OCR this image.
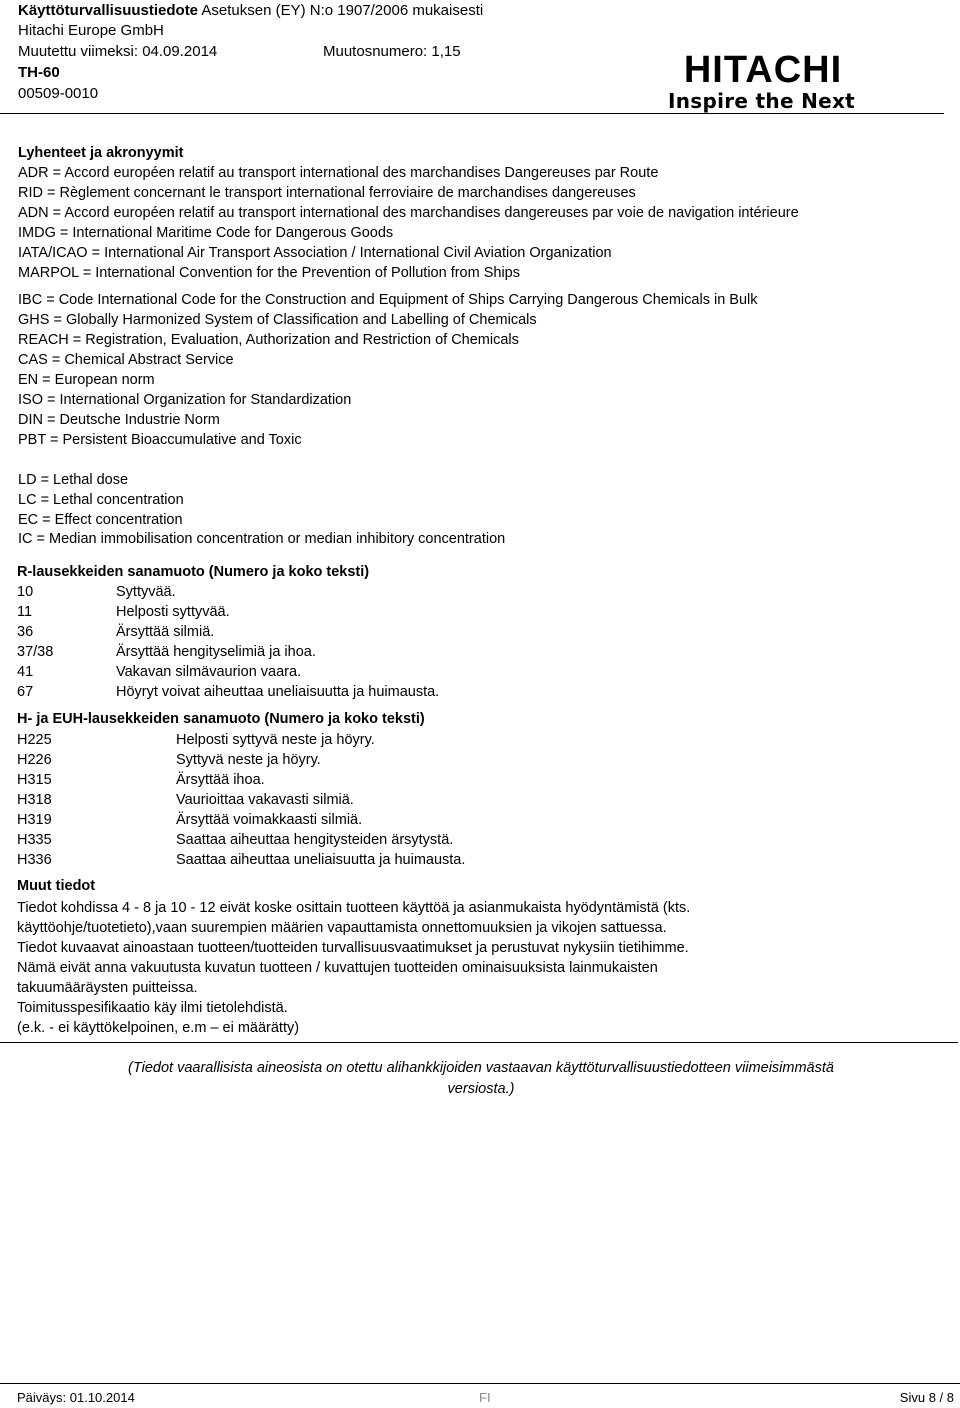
Käyttöturvallisuustiedote Asetuksen (EY) N:o 1907/2006 mukaisesti
Hitachi Europe GmbH
Muutettu viimeksi: 04.09.2014	Muutosnumero: 1,15
TH-60
00509-0010
HITACHI
Inspire the Next
Lyhenteet ja akronyymit
ADR = Accord européen relatif au transport international des marchandises Dangereuses par Route
RID = Règlement concernant le transport international ferroviaire de marchandises dangereuses
ADN = Accord européen relatif au transport international des marchandises dangereuses par voie de navigation intérieure
IMDG = International Maritime Code for Dangerous Goods
IATA/ICAO = International Air Transport Association / International Civil Aviation Organization
MARPOL = International Convention for the Prevention of Pollution from Ships
IBC = Code International Code for the Construction and Equipment of Ships Carrying Dangerous Chemicals in Bulk
GHS = Globally Harmonized System of Classification and Labelling of Chemicals
REACH = Registration, Evaluation, Authorization and Restriction of Chemicals
CAS = Chemical Abstract Service
EN = European norm
ISO = International Organization for Standardization
DIN = Deutsche Industrie Norm
PBT = Persistent Bioaccumulative and Toxic
LD = Lethal dose
LC = Lethal concentration
EC = Effect concentration
IC = Median immobilisation concentration or median inhibitory concentration
R-lausekkeiden sanamuoto (Numero ja koko teksti)
10	Syttyvää.
11	Helposti syttyvää.
36	Ärsyttää silmiä.
37/38	Ärsyttää hengityselimiä ja ihoa.
41	Vakavan silmävaurion vaara.
67	Höyryt voivat aiheuttaa uneliaisuutta ja huimausta.
H- ja EUH-lausekkeiden sanamuoto (Numero ja koko teksti)
H225	Helposti syttyvä neste ja höyry.
H226	Syttyvä neste ja höyry.
H315	Ärsyttää ihoa.
H318	Vaurioittaa vakavasti silmiä.
H319	Ärsyttää voimakkaasti silmiä.
H335	Saattaa aiheuttaa hengitysteiden ärsytystä.
H336	Saattaa aiheuttaa uneliaisuutta ja huimausta.
Muut tiedot
Tiedot kohdissa 4 - 8 ja 10 - 12 eivät koske osittain tuotteen käyttöä ja asianmukaista hyödyntämistä (kts.
käyttöohje/tuotetieto),vaan suurempien määrien vapauttamista onnettomuuksien ja vikojen sattuessa.
Tiedot kuvaavat ainoastaan tuotteen/tuotteiden turvallisuusvaatimukset ja perustuvat nykysiin tietihimme.
Nämä eivät anna vakuutusta kuvatun tuotteen / kuvattujen tuotteiden ominaisuuksista lainmukaisten
takuumääräysten puitteissa.
Toimitusspesifikaatio käy ilmi tietolehdistä.
(e.k. - ei käyttökelpoinen, e.m – ei määrätty)
(Tiedot vaarallisista aineosista on otettu alihankkijoiden vastaavan käyttöturvallisuustiedotteen viimeisimmästä
versiosta.)
Päiväys: 01.10.2014	FI	Sivu 8 / 8
